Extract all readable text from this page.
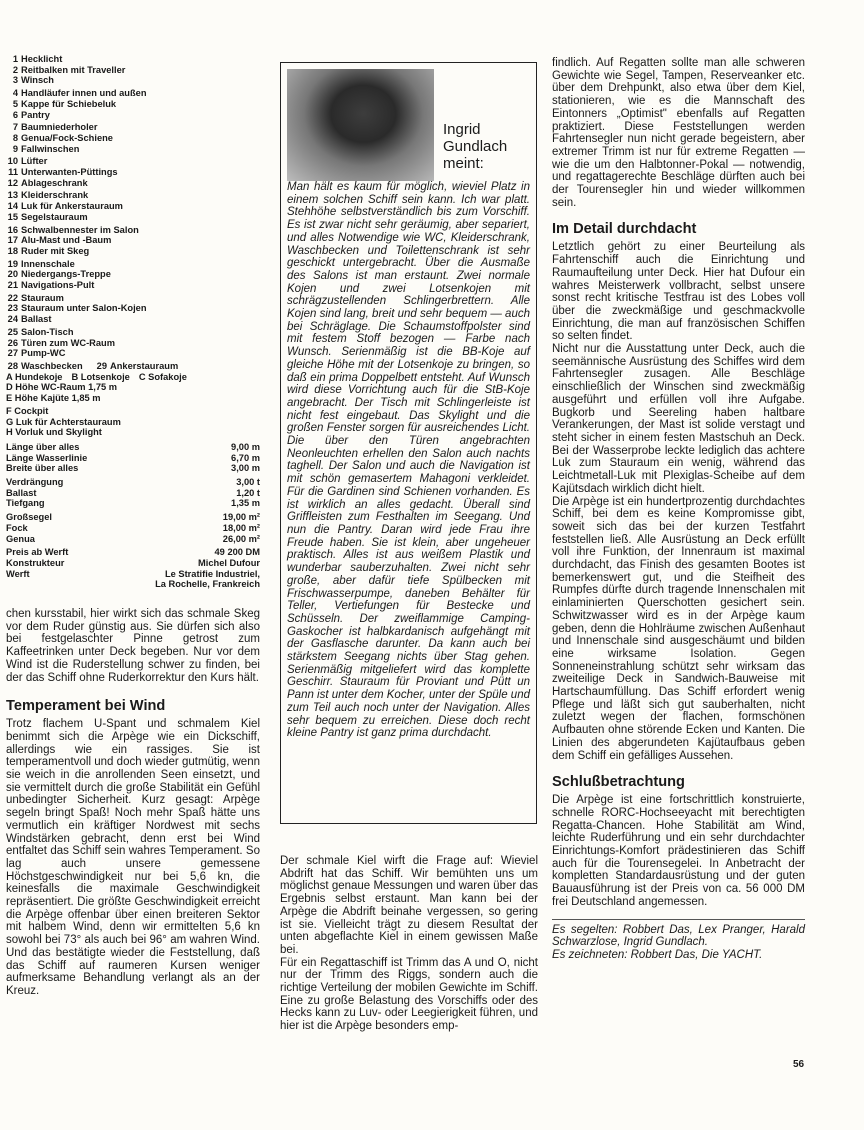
1 Hecklicht
2 Reitbalken mit Traveller
3 Winsch
4 Handläufer innen und außen
5 Kappe für Schiebeluk
6 Pantry
7 Baumniederholer
8 Genua/Fock-Schiene
9 Fallwinschen
10 Lüfter
11 Unterwanten-Püttings
12 Ablageschrank
13 Kleiderschrank
14 Luk für Ankerstauraum
15 Segelstauraum
16 Schwalbennester im Salon
17 Alu-Mast und -Baum
18 Ruder mit Skeg
19 Innenschale
20 Niedergangs-Treppe
21 Navigations-Pult
22 Stauraum
23 Stauraum unter Salon-Kojen
24 Ballast
25 Salon-Tisch
26 Türen zum WC-Raum
27 Pump-WC
28 Waschbecken 29 Ankerstauraum
A Hundekoje B Lotsenkoje C Sofakoje
D Höhe WC-Raum 1,75 m
E Höhe Kajüte 1,85 m
F Cockpit
G Luk für Achterstauraum
H Vorluk und Skylight
Länge über alles	9,00 m
Länge Wasserlinie	6,70 m
Breite über alles	3,00 m
Verdrängung	3,00 t
Ballast	1,20 t
Tiefgang	1,35 m
Großsegel	19,00 m²
Fock	18,00 m²
Genua	26,00 m²
Preis ab Werft	49 200 DM
Konstrukteur	Michel Dufour
Werft	Le Stratifie Industriel,
La Rochelle, Frankreich

chen kursstabil, hier wirkt sich das schmale Skeg vor dem Ruder günstig aus. Sie dürfen sich also bei festgelaschter Pinne getrost zum Kaffeetrinken unter Deck begeben. Nur vor dem Wind ist die Ruderstellung schwer zu finden, bei der das Schiff ohne Ruderkorrektur den Kurs hält.

Temperament bei Wind

Trotz flachem U-Spant und schmalem Kiel benimmt sich die Arpège wie ein Dickschiff, allerdings wie ein rassiges. Sie ist temperamentvoll und doch wieder gutmütig, wenn sie weich in die anrollenden Seen einsetzt, und sie vermittelt durch die große Stabilität ein Gefühl unbedingter Sicherheit. Kurz gesagt: Arpège segeln bringt Spaß! Noch mehr Spaß hätte uns vermutlich ein kräftiger Nordwest mit sechs Windstärken gebracht, denn erst bei Wind entfaltet das Schiff sein wahres Temperament. So lag auch unsere gemessene Höchstgeschwindigkeit nur bei 5,6 kn, die keinesfalls die maximale Geschwindigkeit repräsentiert. Die größte Geschwindigkeit erreicht die Arpège offenbar über einen breiteren Sektor mit halbem Wind, denn wir ermittelten 5,6 kn sowohl bei 73° als auch bei 96° am wahren Wind. Und das bestätigte wieder die Feststellung, daß das Schiff auf raumeren Kursen weniger aufmerksame Behandlung verlangt als an der Kreuz.

Ingrid
Gundlach
meint:
Man hält es kaum für möglich, wieviel Platz in einem solchen Schiff sein kann. Ich war platt. Stehhöhe selbstverständlich bis zum Vorschiff. Es ist zwar nicht sehr geräumig, aber separiert, und alles Notwendige wie WC, Kleiderschrank, Waschbecken und Toilettenschrank ist sehr geschickt untergebracht. Über die Ausmaße des Salons ist man erstaunt. Zwei normale Kojen und zwei Lotsenkojen mit schrägzustellenden Schlingerbrettern. Alle Kojen sind lang, breit und sehr bequem — auch bei Schräglage. Die Schaumstoffpolster sind mit festem Stoff bezogen — Farbe nach Wunsch. Serienmäßig ist die BB-Koje auf gleiche Höhe mit der Lotsenkoje zu bringen, so daß ein prima Doppelbett entsteht. Auf Wunsch wird diese Vorrichtung auch für die StB-Koje angebracht. Der Tisch mit Schlingerleiste ist nicht fest eingebaut. Das Skylight und die großen Fenster sorgen für ausreichendes Licht. Die über den Türen angebrachten Neonleuchten erhellen den Salon auch nachts taghell. Der Salon und auch die Navigation ist mit schön gemasertem Mahagoni verkleidet. Für die Gardinen sind Schienen vorhanden. Es ist wirklich an alles gedacht. Überall sind Griffleisten zum Festhalten im Seegang. Und nun die Pantry. Daran wird jede Frau ihre Freude haben. Sie ist klein, aber ungeheuer praktisch. Alles ist aus weißem Plastik und wunderbar sauberzuhalten. Zwei nicht sehr große, aber dafür tiefe Spülbecken mit Frischwasserpumpe, daneben Behälter für Teller, Vertiefungen für Bestecke und Schüsseln. Der zweiflammige Camping-Gaskocher ist halbkardanisch aufgehängt mit der Gasflasche darunter. Da kann auch bei stärkstem Seegang nichts über Stag gehen. Serienmäßig mitgeliefert wird das komplette Geschirr. Stauraum für Proviant und Pütt un Pann ist unter dem Kocher, unter der Spüle und zum Teil auch noch unter der Navigation. Alles sehr bequem zu erreichen. Diese doch recht kleine Pantry ist ganz prima durchdacht.

Der schmale Kiel wirft die Frage auf: Wieviel Abdrift hat das Schiff. Wir bemühten uns um möglichst genaue Messungen und waren über das Ergebnis selbst erstaunt. Man kann bei der Arpège die Abdrift beinahe vergessen, so gering ist sie. Vielleicht trägt zu diesem Resultat der unten abgeflachte Kiel in einem gewissen Maße bei.

Für ein Regattaschiff ist Trimm das A und O, nicht nur der Trimm des Riggs, sondern auch die richtige Verteilung der mobilen Gewichte im Schiff. Eine zu große Belastung des Vorschiffs oder des Hecks kann zu Luv- oder Leegierigkeit führen, und hier ist die Arpège besonders emp-

findlich. Auf Regatten sollte man alle schweren Gewichte wie Segel, Tampen, Reserveanker etc. über dem Drehpunkt, also etwa über dem Kiel, stationieren, wie es die Mannschaft des Eintonners „Optimist" ebenfalls auf Regatten praktiziert. Diese Feststellungen werden Fahrtensegler nun nicht gerade begeistern, aber extremer Trimm ist nur für extreme Regatten — wie die um den Halbtonner-Pokal — notwendig, und regattagerechte Beschläge dürften auch bei der Tourensegler hin und wieder willkommen sein.

Im Detail durchdacht

Letztlich gehört zu einer Beurteilung als Fahrtenschiff auch die Einrichtung und Raumaufteilung unter Deck. Hier hat Dufour ein wahres Meisterwerk vollbracht, selbst unsere sonst recht kritische Testfrau ist des Lobes voll über die zweckmäßige und geschmackvolle Einrichtung, die man auf französischen Schiffen so selten findet.

Nicht nur die Ausstattung unter Deck, auch die seemännische Ausrüstung des Schiffes wird dem Fahrtensegler zusagen. Alle Beschläge einschließlich der Winschen sind zweckmäßig ausgeführt und erfüllen voll ihre Aufgabe. Bugkorb und Seereling haben haltbare Verankerungen, der Mast ist solide verstagt und steht sicher in einem festen Mastschuh an Deck. Bei der Wasserprobe leckte lediglich das achtere Luk zum Stauraum ein wenig, während das Leichtmetall-Luk mit Plexiglas-Scheibe auf dem Kajütsdach wirklich dicht hielt.

Die Arpège ist ein hundertprozentig durchdachtes Schiff, bei dem es keine Kompromisse gibt, soweit sich das bei der kurzen Testfahrt feststellen ließ. Alle Ausrüstung an Deck erfüllt voll ihre Funktion, der Innenraum ist maximal durchdacht, das Finish des gesamten Bootes ist bemerkenswert gut, und die Steifheit des Rumpfes dürfte durch tragende Innenschalen mit einlaminierten Querschotten gesichert sein. Schwitzwasser wird es in der Arpège kaum geben, denn die Hohlräume zwischen Außenhaut und Innenschale sind ausgeschäumt und bilden eine wirksame Isolation. Gegen Sonneneinstrahlung schützt sehr wirksam das zweiteilige Deck in Sandwich-Bauweise mit Hartschaumfüllung. Das Schiff erfordert wenig Pflege und läßt sich gut sauberhalten, nicht zuletzt wegen der flachen, formschönen Aufbauten ohne störende Ecken und Kanten. Die Linien des abgerundeten Kajütaufbaus geben dem Schiff ein gefälliges Aussehen.

Schlußbetrachtung

Die Arpège ist eine fortschrittlich konstruierte, schnelle RORC-Hochseeyacht mit berechtigten Regatta-Chancen. Hohe Stabilität am Wind, leichte Ruderführung und ein sehr durchdachter Einrichtungs-Komfort prädestinieren das Schiff auch für die Tourensegelei. In Anbetracht der kompletten Standardausrüstung und der guten Bauausführung ist der Preis von ca. 56 000 DM frei Deutschland angemessen.

Es segelten: Robbert Das, Lex Pranger, Harald Schwarzlose, Ingrid Gundlach.

Es zeichneten: Robbert Das, Die YACHT.

56
